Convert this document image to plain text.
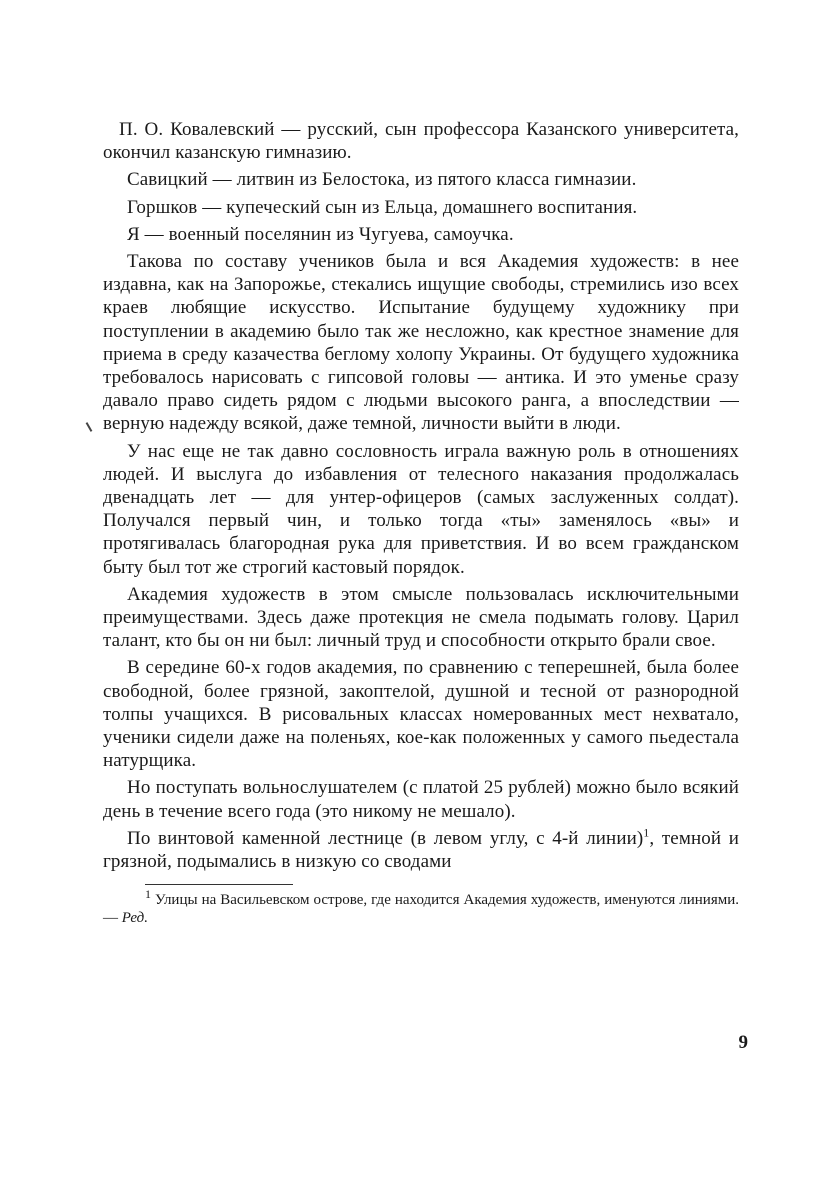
П. О. Ковалевский — русский, сын профессора Казанского университета, окончил казанскую гимназию.

Савицкий — литвин из Белостока, из пятого класса гимназии.

Горшков — купеческий сын из Ельца, домашнего воспитания.

Я — военный поселянин из Чугуева, самоучка.

Такова по составу учеников была и вся Академия художеств: в нее издавна, как на Запорожье, стекались ищущие свободы, стремились изо всех краев любящие искусство. Испытание будущему художнику при поступлении в академию было так же несложно, как крестное знамение для приема в среду казачества беглому холопу Украины. От будущего художника требовалось нарисовать с гипсовой головы — антика. И это уменье сразу давало право сидеть рядом с людьми высокого ранга, а впоследствии — верную надежду всякой, даже темной, личности выйти в люди.

У нас еще не так давно сословность играла важную роль в отношениях людей. И выслуга до избавления от телесного наказания продолжалась двенадцать лет — для унтер-офицеров (самых заслуженных солдат). Получался первый чин, и только тогда «ты» заменялось «вы» и протягивалась благородная рука для приветствия. И во всем гражданском быту был тот же строгий кастовый порядок.

Академия художеств в этом смысле пользовалась исключительными преимуществами. Здесь даже протекция не смела подымать голову. Царил талант, кто бы он ни был: личный труд и способности открыто брали свое.

В середине 60-х годов академия, по сравнению с теперешней, была более свободной, более грязной, закоптелой, душной и тесной от разнородной толпы учащихся. В рисовальных классах номерованных мест нехватало, ученики сидели даже на поленьях, кое-как положенных у самого пьедестала натурщика.

Но поступать вольнослушателем (с платой 25 рублей) можно было всякий день в течение всего года (это никому не мешало).

По винтовой каменной лестнице (в левом углу, с 4-й линии)$^1$, темной и грязной, подымались в низкую со сводами

$^1$ Улицы на Васильевском острове, где находится Академия художеств, именуются линиями. — Ред.

9
